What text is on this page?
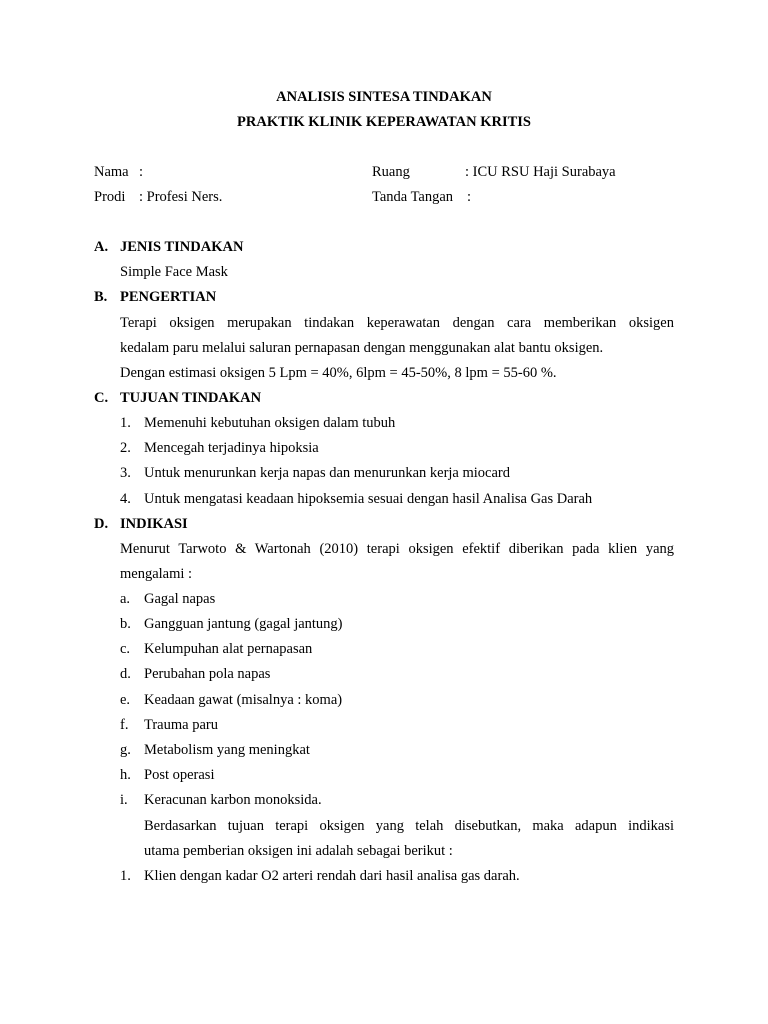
ANALISIS SINTESA TINDAKAN
PRAKTIK KLINIK KEPERAWATAN KRITIS
Nama :	Ruang	: ICU RSU Haji Surabaya
Prodi : Profesi Ners.	Tanda Tangan :
A. JENIS TINDAKAN
Simple Face Mask
B. PENGERTIAN
Terapi oksigen merupakan tindakan keperawatan dengan cara memberikan oksigen
kedalam paru melalui saluran pernapasan dengan menggunakan alat bantu oksigen.
Dengan estimasi oksigen 5 Lpm = 40%, 6lpm = 45-50%, 8 lpm = 55-60 %.
C. TUJUAN TINDAKAN
1. Memenuhi kebutuhan oksigen dalam tubuh
2. Mencegah terjadinya hipoksia
3. Untuk menurunkan kerja napas dan menurunkan kerja miocard
4. Untuk mengatasi keadaan hipoksemia sesuai dengan hasil Analisa Gas Darah
D. INDIKASI
Menurut Tarwoto & Wartonah (2010) terapi oksigen efektif diberikan pada klien yang
mengalami :
a. Gagal napas
b. Gangguan jantung (gagal jantung)
c. Kelumpuhan alat pernapasan
d. Perubahan pola napas
e. Keadaan gawat (misalnya : koma)
f. Trauma paru
g. Metabolism yang meningkat
h. Post operasi
i. Keracunan karbon monoksida.
Berdasarkan tujuan terapi oksigen yang telah disebutkan, maka adapun indikasi
utama pemberian oksigen ini adalah sebagai berikut :
1. Klien dengan kadar O2 arteri rendah dari hasil analisa gas darah.
